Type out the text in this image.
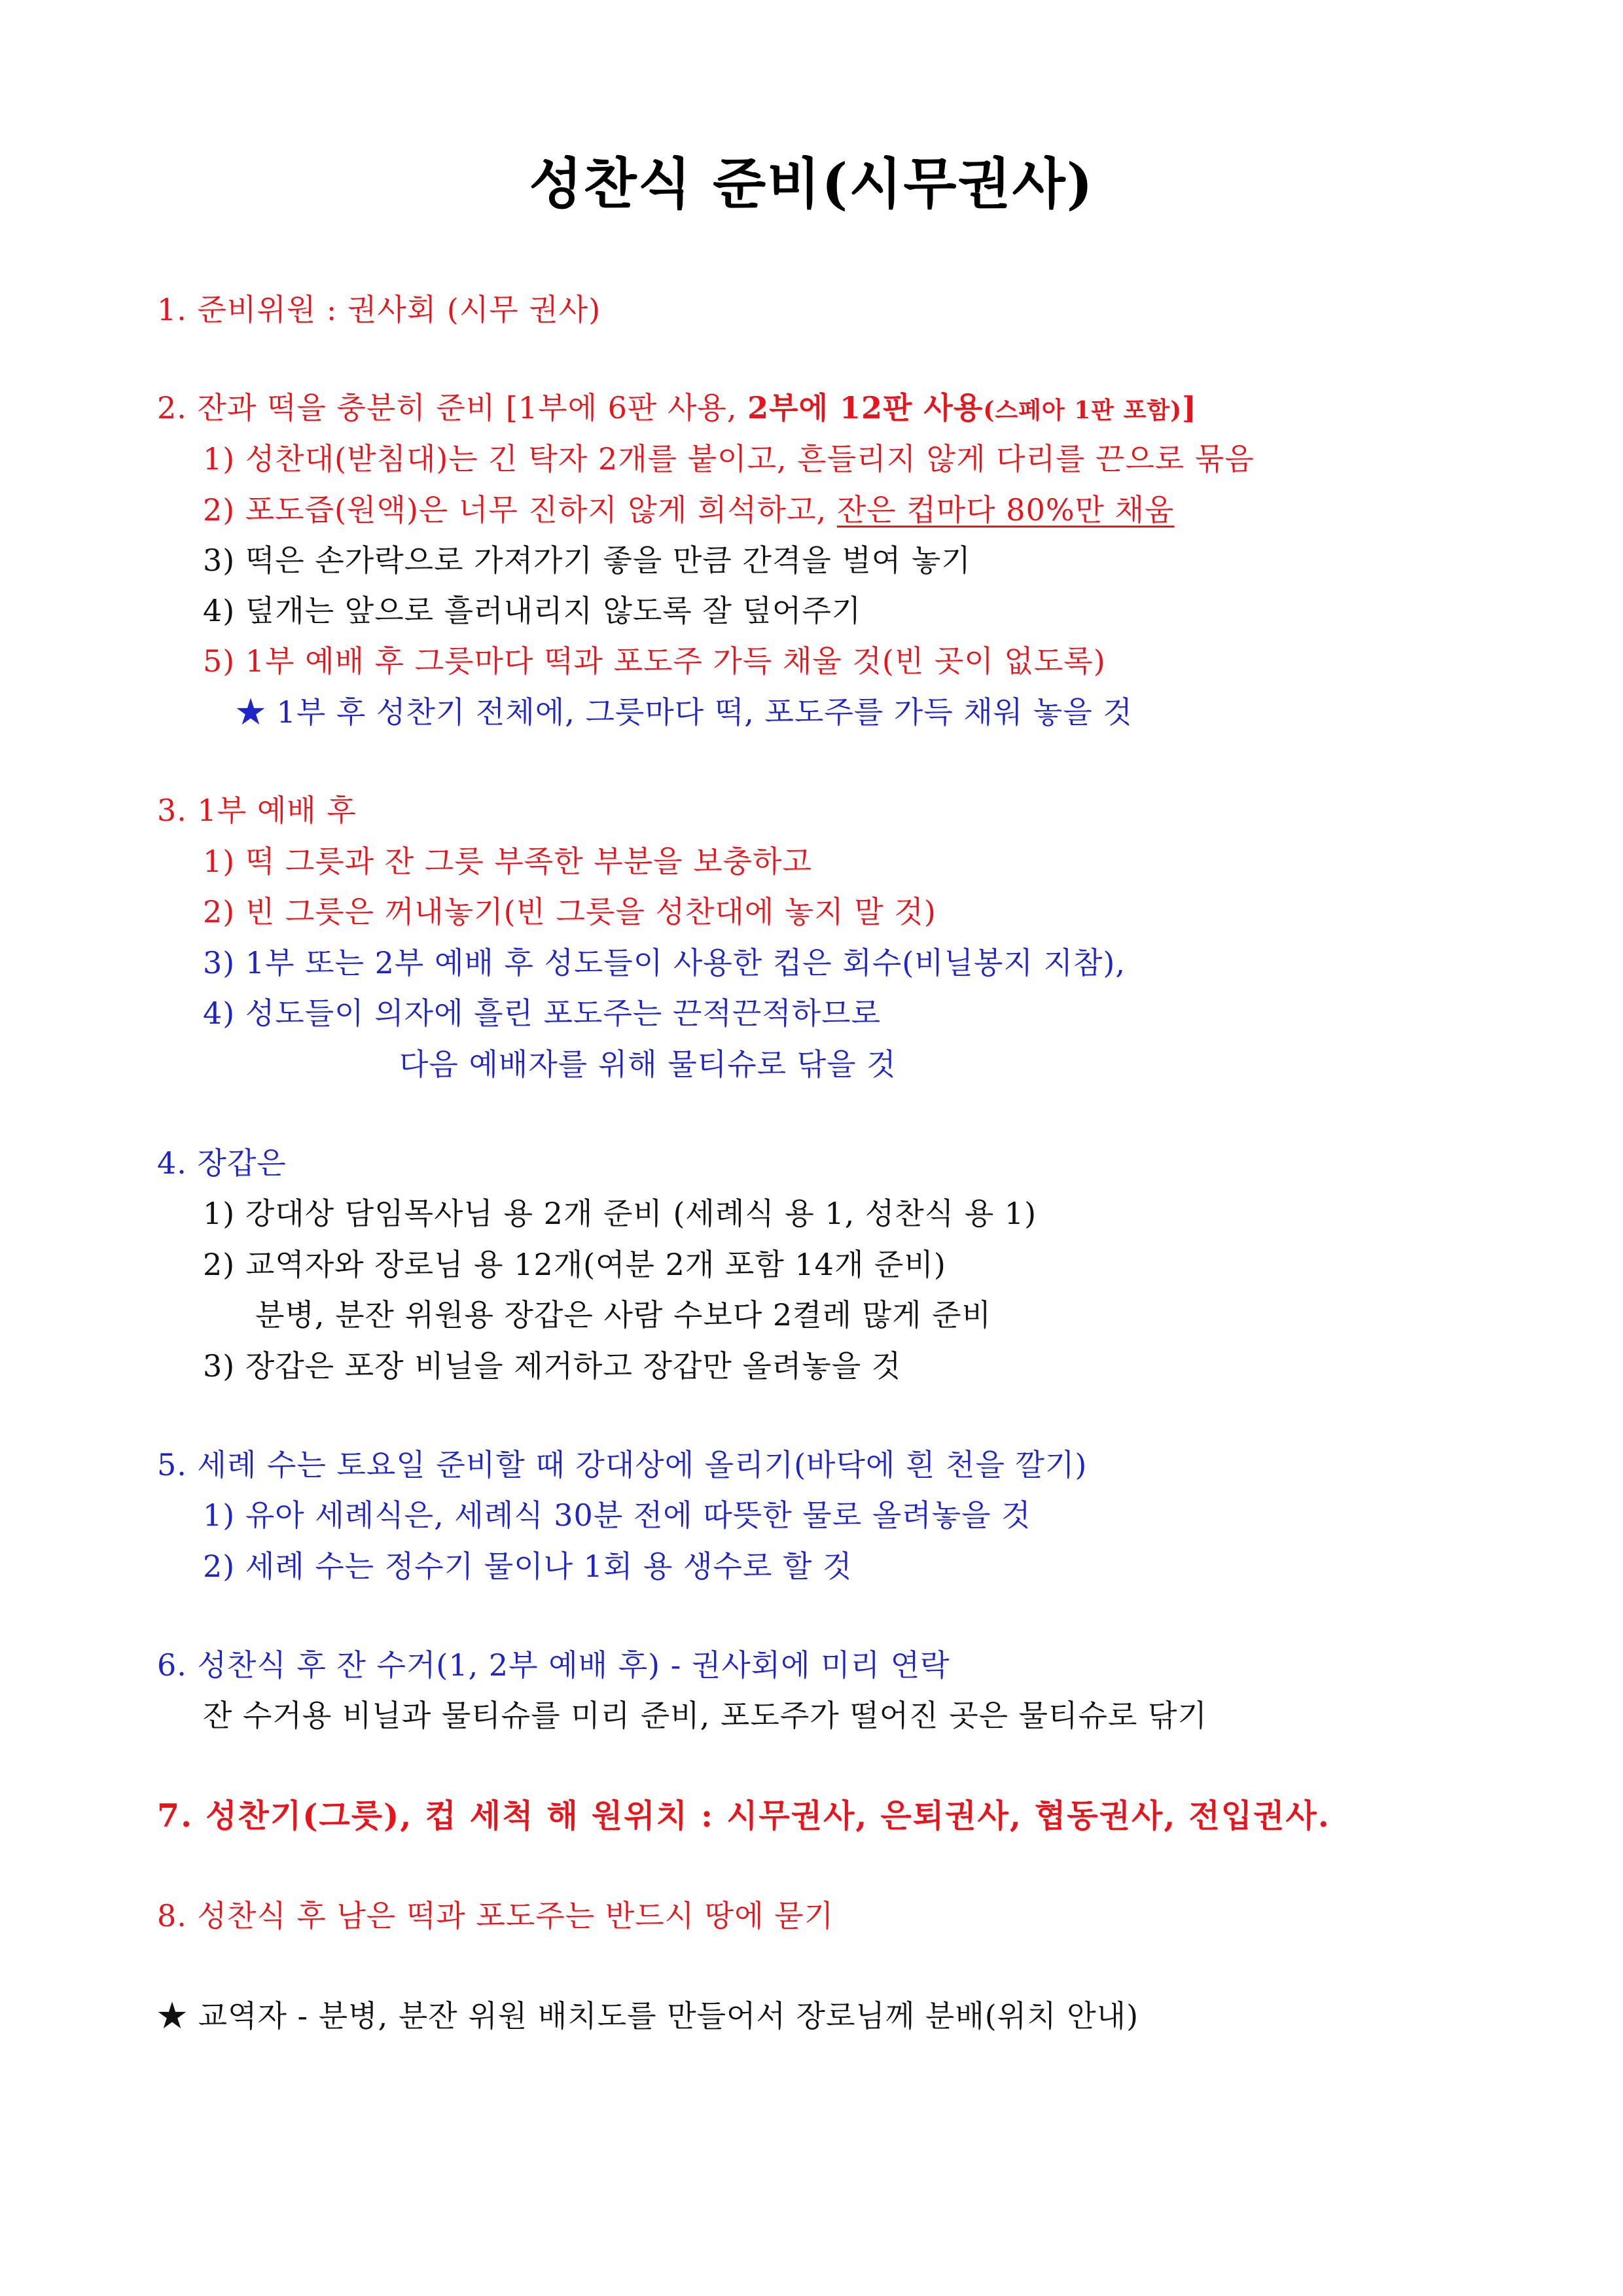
성찬식 준비(시무권사)
1. 준비위원 : 권사회 (시무 권사)
2. 잔과 떡을 충분히 준비 [1부에 6판 사용, 2부에 12판 사용(스페아 1판 포함)]
1) 성찬대(받침대)는 긴 탁자 2개를 붙이고, 흔들리지 않게 다리를 끈으로 묶음
2) 포도즙(원액)은 너무 진하지 않게 희석하고, 잔은 컵마다 80%만 채움
3) 떡은 손가락으로 가져가기 좋을 만큼 간격을 벌여 놓기
4) 덮개는 앞으로 흘러내리지 않도록 잘 덮어주기
5) 1부 예배 후 그릇마다 떡과 포도주 가득 채울 것(빈 곳이 없도록)
★ 1부 후 성찬기 전체에, 그릇마다 떡, 포도주를 가득 채워 놓을 것
3. 1부 예배 후
1) 떡 그릇과 잔 그릇 부족한 부분을 보충하고
2) 빈 그릇은 꺼내놓기(빈 그릇을 성찬대에 놓지 말 것)
3) 1부 또는 2부 예배 후 성도들이 사용한 컵은 회수(비닐봉지 지참),
4) 성도들이 의자에 흘린 포도주는 끈적끈적하므로
다음 예배자를 위해 물티슈로 닦을 것
4. 장갑은
1) 강대상 담임목사님 용 2개 준비 (세례식 용 1, 성찬식 용 1)
2) 교역자와 장로님 용 12개(여분 2개 포함 14개 준비)
분병, 분잔 위원용 장갑은 사람 수보다 2켤레 많게 준비
3) 장갑은 포장 비닐을 제거하고 장갑만 올려놓을 것
5. 세례 수는 토요일 준비할 때 강대상에 올리기(바닥에 흰 천을 깔기)
1) 유아 세례식은, 세례식 30분 전에 따뜻한 물로 올려놓을 것
2) 세례 수는 정수기 물이나 1회 용 생수로 할 것
6. 성찬식 후 잔 수거(1, 2부 예배 후) - 권사회에 미리 연락
잔 수거용 비닐과 물티슈를 미리 준비, 포도주가 떨어진 곳은 물티슈로 닦기
7. 성찬기(그릇), 컵 세척 해 원위치 : 시무권사, 은퇴권사, 협동권사, 전입권사.
8. 성찬식 후 남은 떡과 포도주는 반드시 땅에 묻기
★ 교역자 - 분병, 분잔 위원 배치도를 만들어서 장로님께 분배(위치 안내)
